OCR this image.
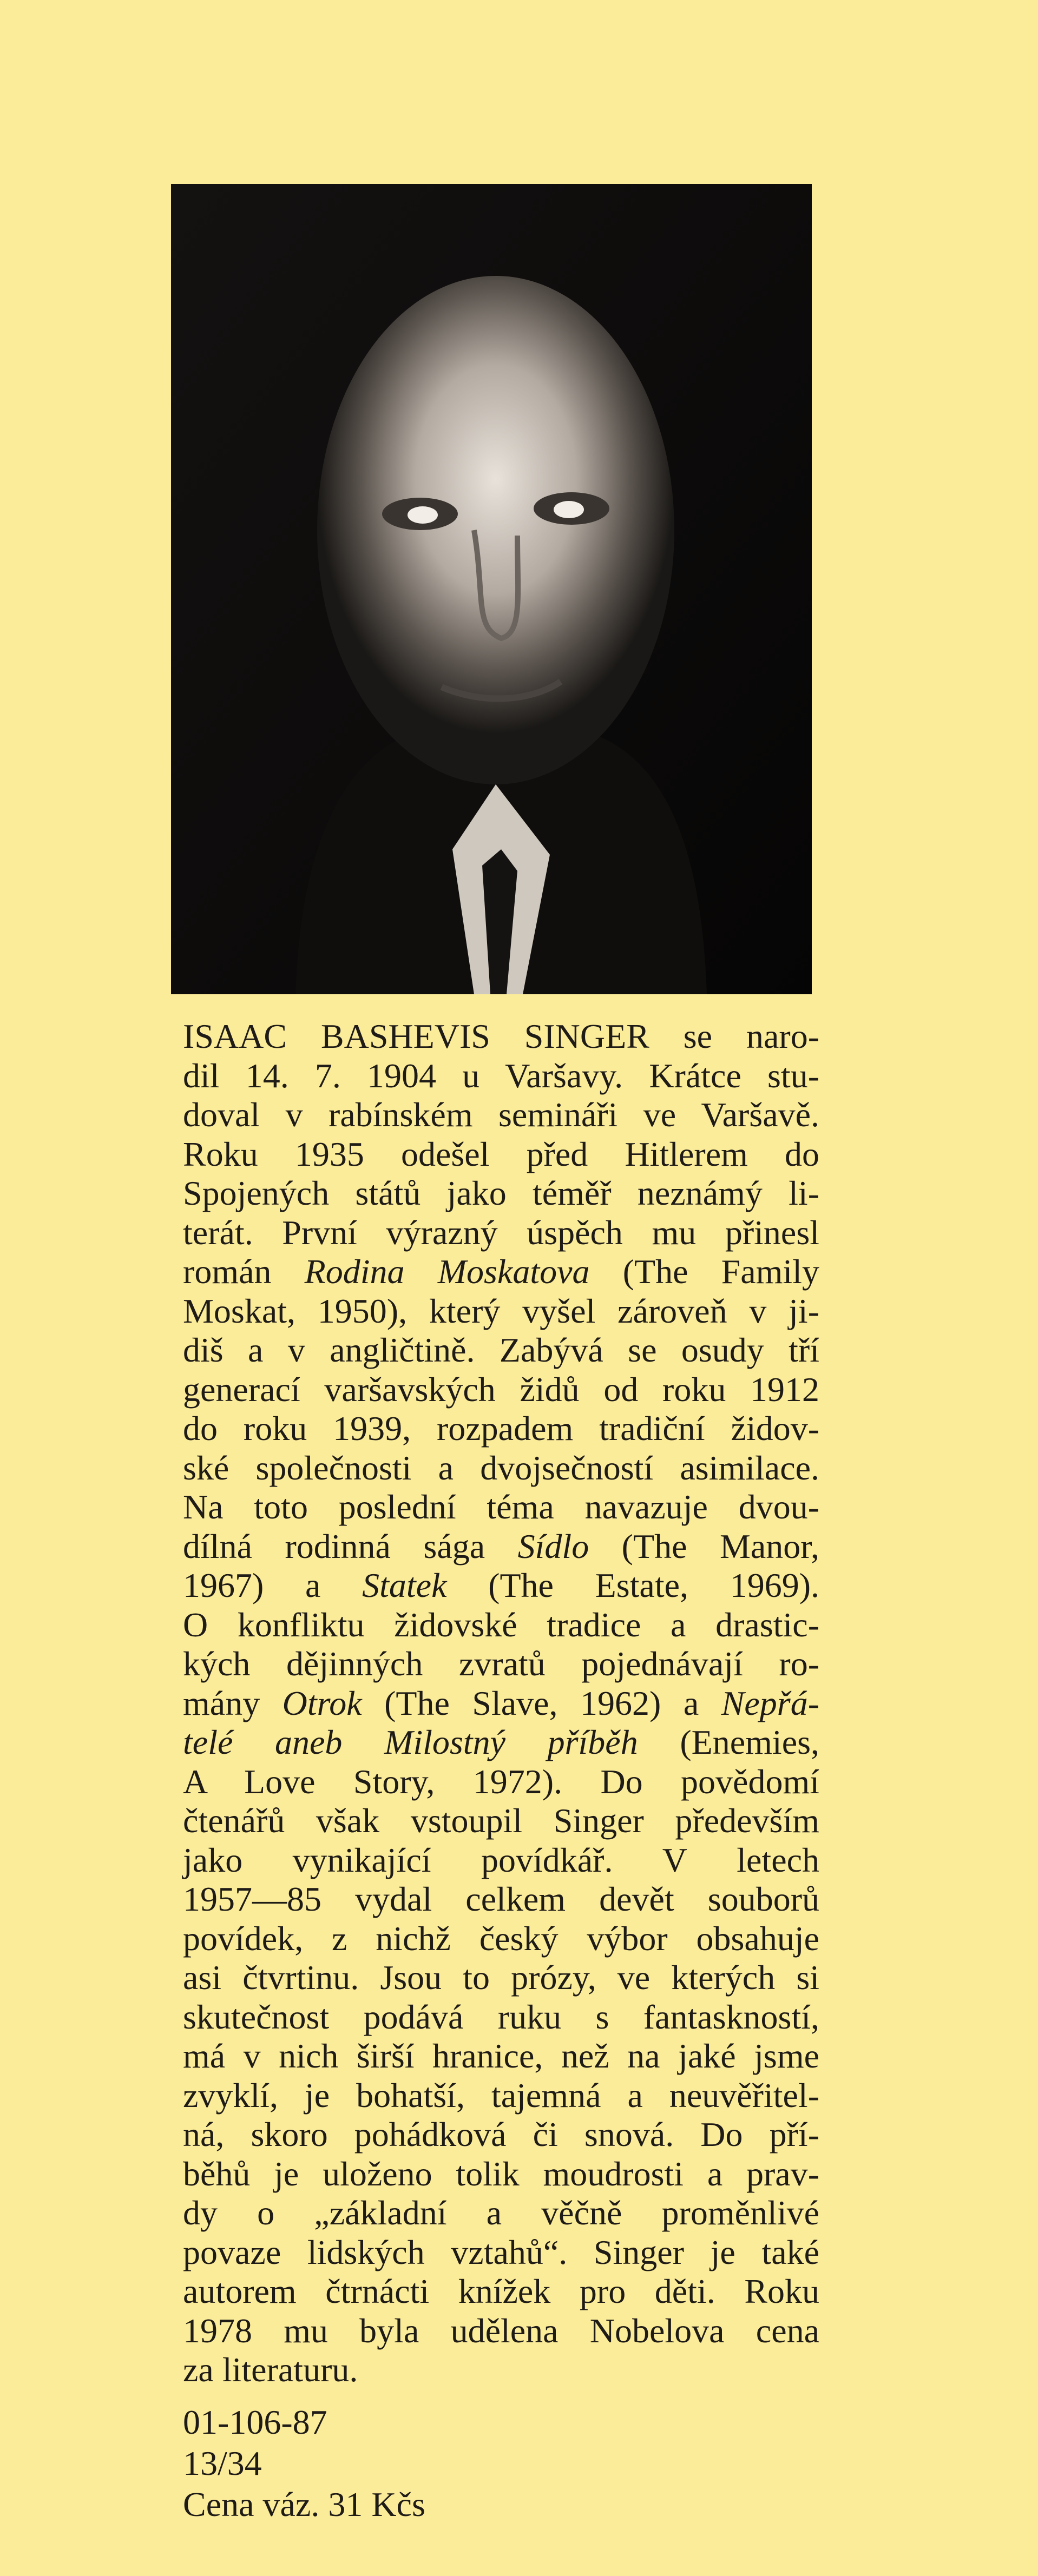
ISAAC BASHEVIS SINGER se naro-
dil 14. 7. 1904 u Varšavy. Krátce stu-
doval v rabínském semináři ve Varšavě.
Roku 1935 odešel před Hitlerem do
Spojených států jako téměř neznámý li-
terát. První výrazný úspěch mu přinesl
román Rodina Moskatova (The Family
Moskat, 1950), který vyšel zároveň v ji-
diš a v angličtině. Zabývá se osudy tří
generací varšavských židů od roku 1912
do roku 1939, rozpadem tradiční židov-
ské společnosti a dvojsečností asimilace.
Na toto poslední téma navazuje dvou-
dílná rodinná sága Sídlo (The Manor,
1967) a Statek (The Estate, 1969).
O konfliktu židovské tradice a drastic-
kých dějinných zvratů pojednávají ro-
mány Otrok (The Slave, 1962) a Nepřá-
telé aneb Milostný příběh (Enemies,
A Love Story, 1972). Do povědomí
čtenářů však vstoupil Singer především
jako vynikající povídkář. V letech
1957—85 vydal celkem devět souborů
povídek, z nichž český výbor obsahuje
asi čtvrtinu. Jsou to prózy, ve kterých si
skutečnost podává ruku s fantaskností,
má v nich širší hranice, než na jaké jsme
zvyklí, je bohatší, tajemná a neuvěřitel-
ná, skoro pohádková či snová. Do pří-
běhů je uloženo tolik moudrosti a prav-
dy o „základní a věčně proměnlivé
povaze lidských vztahů“. Singer je také
autorem čtrnácti knížek pro děti. Roku
1978 mu byla udělena Nobelova cena
za literaturu.
01-106-87
13/34
Cena váz. 31 Kčs
